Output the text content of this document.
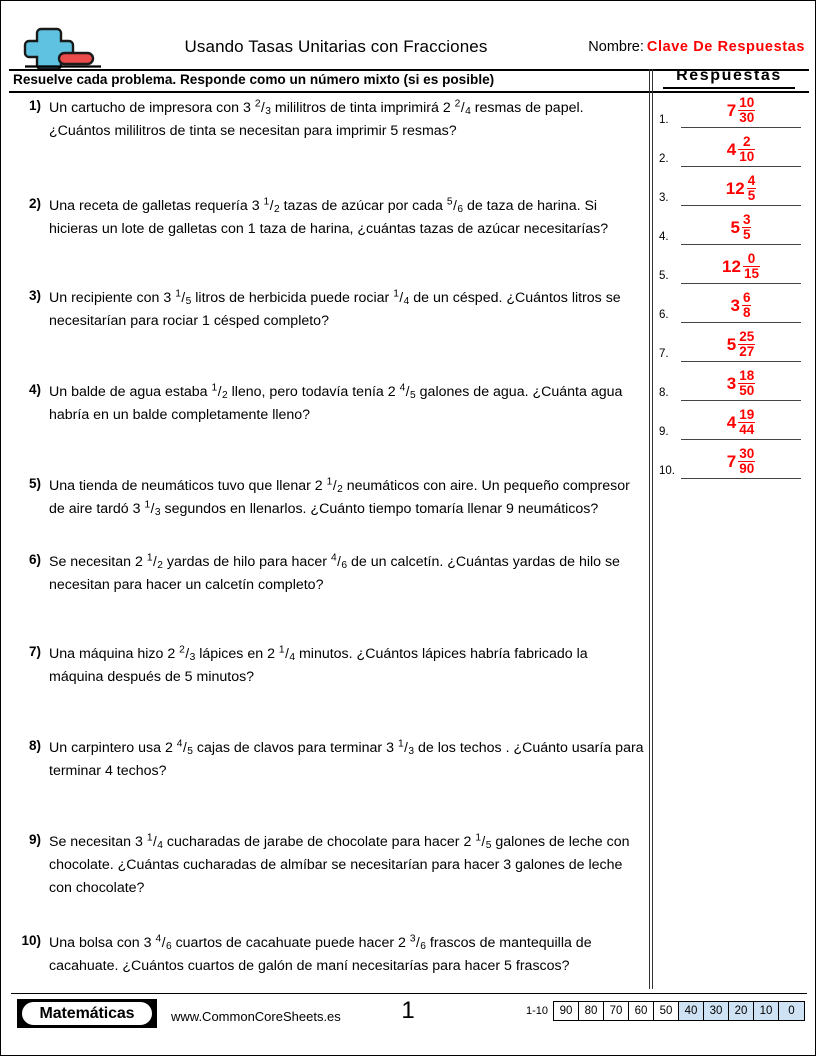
Usando Tasas Unitarias con Fracciones	Nombre: Clave De Respuestas
Resuelve cada problema. Responde como un número mixto (si es posible)
1) Un cartucho de impresora con 3 $^2/_3$ mililitros de tinta imprimirá 2 $^2/_4$ resmas de papel. ¿Cuántos mililitros de tinta se necesitan para imprimir 5 resmas?
2) Una receta de galletas requería 3 $^1/_2$ tazas de azúcar por cada $^5/_6$ de taza de harina. Si hicieras un lote de galletas con 1 taza de harina, ¿cuántas tazas de azúcar necesitarías?
3) Un recipiente con 3 $^1/_5$ litros de herbicida puede rociar $^1/_4$ de un césped. ¿Cuántos litros se necesitarían para rociar 1 césped completo?
4) Un balde de agua estaba $^1/_2$ lleno, pero todavía tenía 2 $^4/_5$ galones de agua. ¿Cuánta agua habría en un balde completamente lleno?
5) Una tienda de neumáticos tuvo que llenar 2 $^1/_2$ neumáticos con aire. Un pequeño compresor de aire tardó 3 $^1/_3$ segundos en llenarlos. ¿Cuánto tiempo tomaría llenar 9 neumáticos?
6) Se necesitan 2 $^1/_2$ yardas de hilo para hacer $^4/_6$ de un calcetín. ¿Cuántas yardas de hilo se necesitan para hacer un calcetín completo?
7) Una máquina hizo 2 $^2/_3$ lápices en 2 $^1/_4$ minutos. ¿Cuántos lápices habría fabricado la máquina después de 5 minutos?
8) Un carpintero usa 2 $^4/_5$ cajas de clavos para terminar 3 $^1/_3$ de los techos . ¿Cuánto usaría para terminar 4 techos?
9) Se necesitan 3 $^1/_4$ cucharadas de jarabe de chocolate para hacer 2 $^1/_5$ galones de leche con chocolate. ¿Cuántas cucharadas de almíbar se necesitarían para hacer 3 galones de leche con chocolate?
10) Una bolsa con 3 $^4/_6$ cuartos de cacahuate puede hacer 2 $^3/_6$ frascos de mantequilla de cacahuate. ¿Cuántos cuartos de galón de maní necesitarías para hacer 5 frascos?
Respuestas
1.
$7 \frac{10}{30}$
2.
$4 \frac{2}{10}$
3.
$12 \frac{4}{5}$
4.
$5 \frac{3}{5}$
5.
$12 \frac{0}{15}$
6.
$3 \frac{6}{8}$
7.
$5 \frac{25}{27}$
8.
$3 \frac{18}{50}$
9.
$4 \frac{19}{44}$
10.
$7 \frac{30}{90}$
Matemáticas	www.CommonCoreSheets.es	1	1-10	90	80	70	60	50	40	30	20	10	0
